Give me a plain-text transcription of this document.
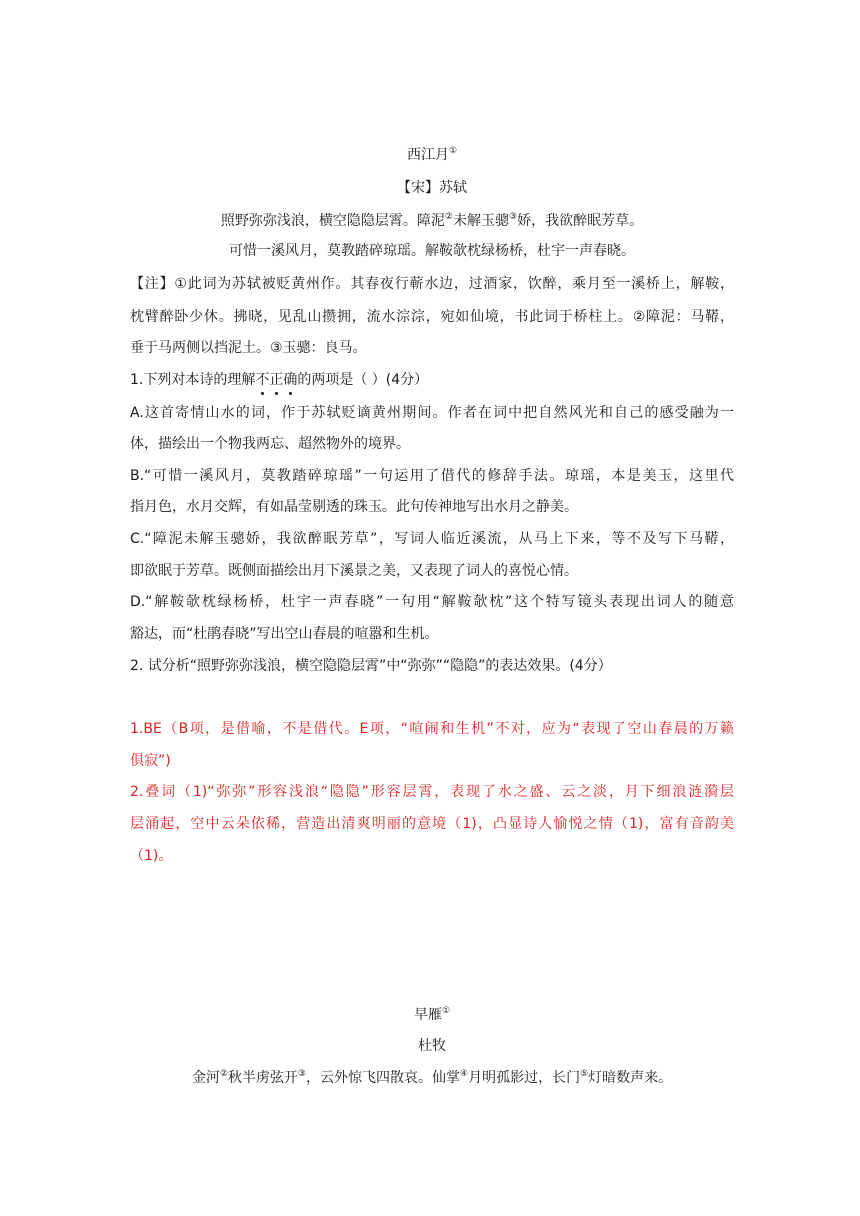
西江月①
【宋】苏轼
照野弥弥浅浪，横空隐隐层霄。障泥②未解玉骢③娇，我欲醉眠芳草。
可惜一溪风月，莫教踏碎琼瑶。解鞍欹枕绿杨桥，杜宇一声春晓。
【注】①此词为苏轼被贬黄州作。其春夜行蕲水边，过酒家，饮醉，乘月至一溪桥上，解鞍，
枕臂醉卧少休。拂晓，见乱山攒拥，流水淙淙，宛如仙境，书此词于桥柱上。②障泥：马鞯，
垂于马两侧以挡泥土。③玉骢：良马。
1.下列对本诗的理解不正确的两项是（ ）(4分）
A.这首寄情山水的词，作于苏轼贬谪黄州期间。作者在词中把自然风光和自己的感受融为一
体，描绘出一个物我两忘、超然物外的境界。
B.“可惜一溪风月，莫教踏碎琼瑶”一句运用了借代的修辞手法。琼瑶，本是美玉，这里代
指月色，水月交辉，有如晶莹剔透的珠玉。此句传神地写出水月之静美。
C.“障泥未解玉骢娇，我欲醉眠芳草”，写词人临近溪流，从马上下来，等不及写下马鞯，
即欲眠于芳草。既侧面描绘出月下溪景之美，又表现了词人的喜悦心情。
D.“解鞍欹枕绿杨桥，杜宇一声春晓”一句用“解鞍欹枕”这个特写镜头表现出词人的随意
豁达，而“杜鹃春晓”写出空山春晨的喧嚣和生机。
2. 试分析“照野弥弥浅浪，横空隐隐层霄”中“弥弥”“隐隐”的表达效果。(4分）
1.BE（B项，是借喻，不是借代。E项，“喧闹和生机”不对，应为“表现了空山春晨的万籁
俱寂”)
2.叠词（1)“弥弥”形容浅浪“隐隐”形容层霄，表现了水之盛、云之淡，月下细浪涟漪层
层涌起，空中云朵依稀，营造出清爽明丽的意境（1)，凸显诗人愉悦之情（1)，富有音韵美
（1)。
早雁①
杜牧
金河②秋半虏弦开③，云外惊飞四散哀。仙掌④月明孤影过，长门⑤灯暗数声来。
